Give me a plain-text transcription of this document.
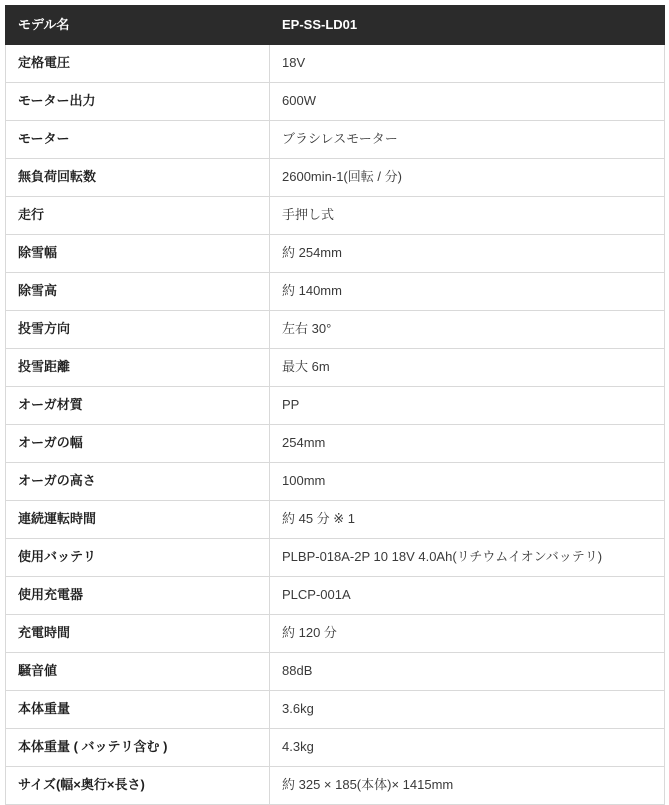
モデル名	EP-SS-LD01
定格電圧	18V
モーター出力	600W
モーター	ブラシレスモーター
無負荷回転数	2600min-1(回転 / 分)
走行	手押し式
除雪幅	約 254mm
除雪高	約 140mm
投雪方向	左右 30°
投雪距離	最大 6m
オーガ材質	PP
オーガの幅	254mm
オーガの高さ	100mm
連続運転時間	約 45 分 ※ 1
使用バッテリ	PLBP-018A-2P 10 18V 4.0Ah(リチウムイオンバッテリ)
使用充電器	PLCP-001A
充電時間	約 120 分
騒音値	88dB
本体重量	3.6kg
本体重量 ( バッテリ含む )	4.3kg
サイズ(幅×奥行×長さ)	約 325 × 185(本体)× 1415mm
